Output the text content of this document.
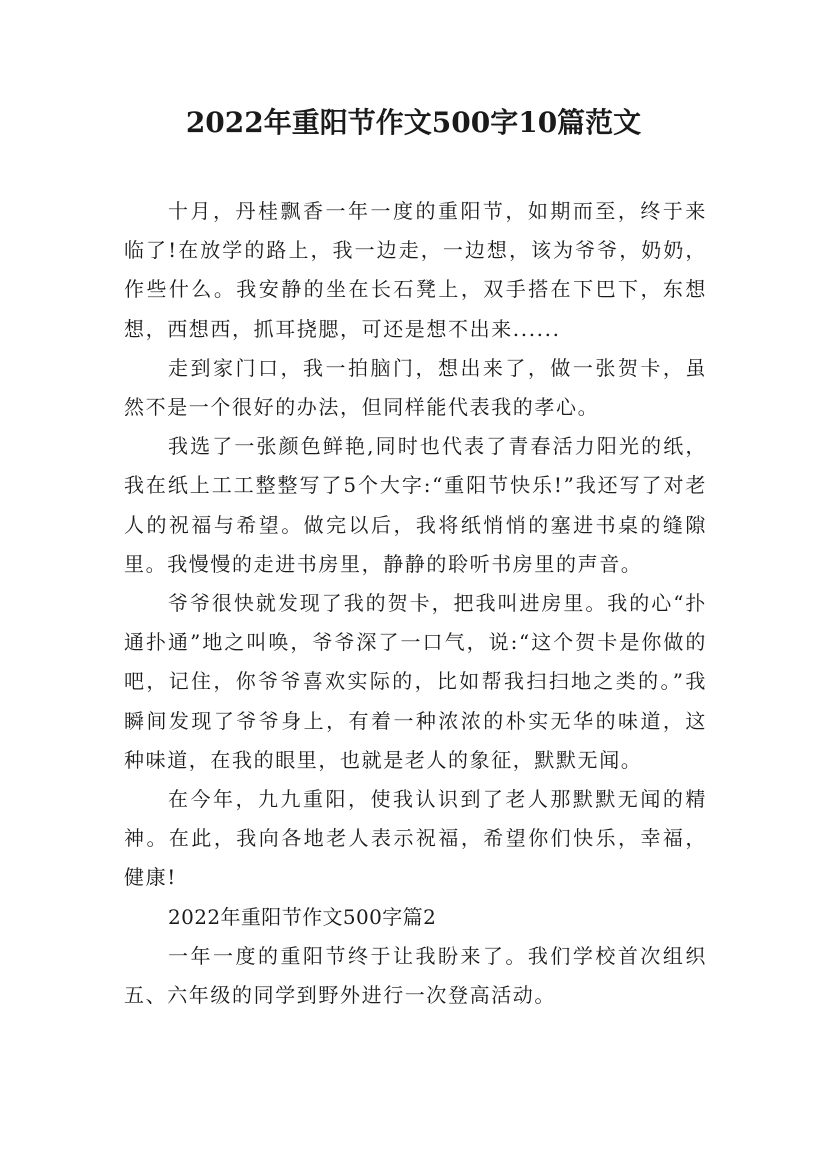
2022年重阳节作文500字10篇范文

十月，丹桂飘香一年一度的重阳节，如期而至，终于来临了!在放学的路上，我一边走，一边想，该为爷爷，奶奶，作些什么。我安静的坐在长石凳上，双手搭在下巴下，东想想，西想西，抓耳挠腮，可还是想不出来......

走到家门口，我一拍脑门，想出来了，做一张贺卡，虽然不是一个很好的办法，但同样能代表我的孝心。

我选了一张颜色鲜艳,同时也代表了青春活力阳光的纸，我在纸上工工整整写了5个大字:“重阳节快乐!”我还写了对老人的祝福与希望。做完以后，我将纸悄悄的塞进书桌的缝隙里。我慢慢的走进书房里，静静的聆听书房里的声音。

爷爷很快就发现了我的贺卡，把我叫进房里。我的心“扑通扑通”地之叫唤，爷爷深了一口气，说:“这个贺卡是你做的吧，记住，你爷爷喜欢实际的，比如帮我扫扫地之类的。”我瞬间发现了爷爷身上，有着一种浓浓的朴实无华的味道，这种味道，在我的眼里，也就是老人的象征，默默无闻。

在今年，九九重阳，使我认识到了老人那默默无闻的精神。在此，我向各地老人表示祝福，希望你们快乐，幸福，健康!

2022年重阳节作文500字篇2

一年一度的重阳节终于让我盼来了。我们学校首次组织五、六年级的同学到野外进行一次登高活动。
